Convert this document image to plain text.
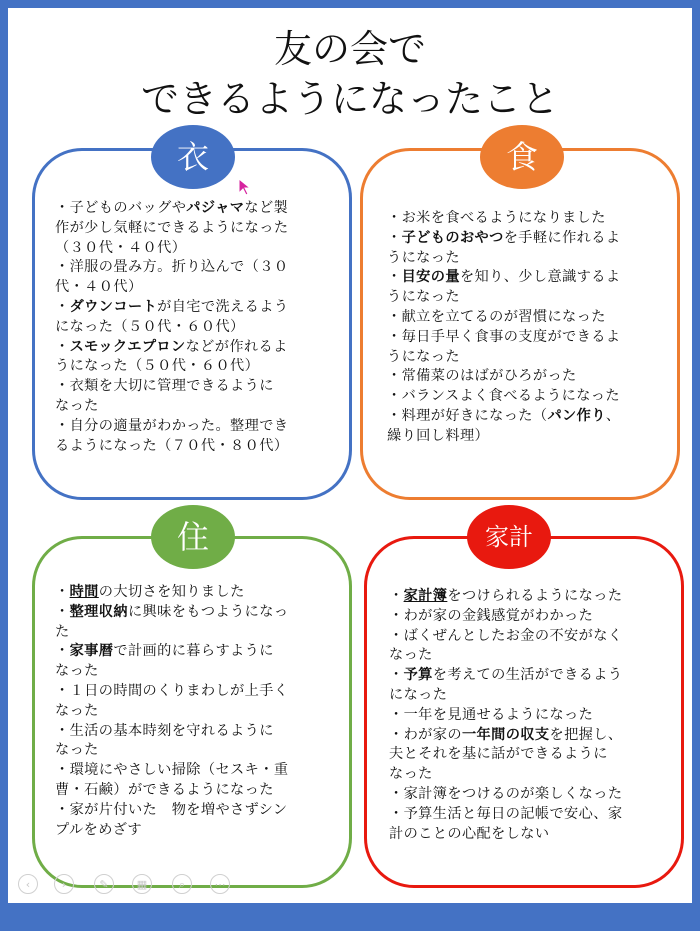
友の会で
できるようになったこと
・子どものバッグやパジャマなど製
作が少し気軽にできるようになった
（３０代・４０代）
・洋服の畳み方。折り込んで（３０
代・４０代）
・ダウンコートが自宅で洗えるよう
になった（５０代・６０代）
・スモックエプロンなどが作れるよ
うになった（５０代・６０代）
・衣類を大切に管理できるように
なった
・自分の適量がわかった。整理でき
るようになった（７０代・８０代）
衣
・お米を食べるようになりました
・子どものおやつを手軽に作れるよ
うになった
・目安の量を知り、少し意識するよ
うになった
・献立を立てるのが習慣になった
・毎日手早く食事の支度ができるよ
うになった
・常備菜のはばがひろがった
・バランスよく食べるようになった
・料理が好きになった（パン作り、
繰り回し料理）
食
・時間の大切さを知りました
・整理収納に興味をもつようになっ
た
・家事暦で計画的に暮らすように
なった
・１日の時間のくりまわしが上手く
なった
・生活の基本時刻を守れるように
なった
・環境にやさしい掃除（セスキ・重
曹・石鹸）ができるようになった
・家が片付いた　物を増やさずシン
プルをめざす
住
・家計簿をつけられるようになった
・わが家の金銭感覚がわかった
・ばくぜんとしたお金の不安がなく
なった
・予算を考えての生活ができるよう
になった
・一年を見通せるようになった
・わが家の一年間の収支を把握し、
夫とそれを基に話ができるように
なった
・家計簿をつけるのが楽しくなった
・予算生活と毎日の記帳で安心、家
計のことの心配をしない
家計
‹	›	✎	▦	⌕	⋯
